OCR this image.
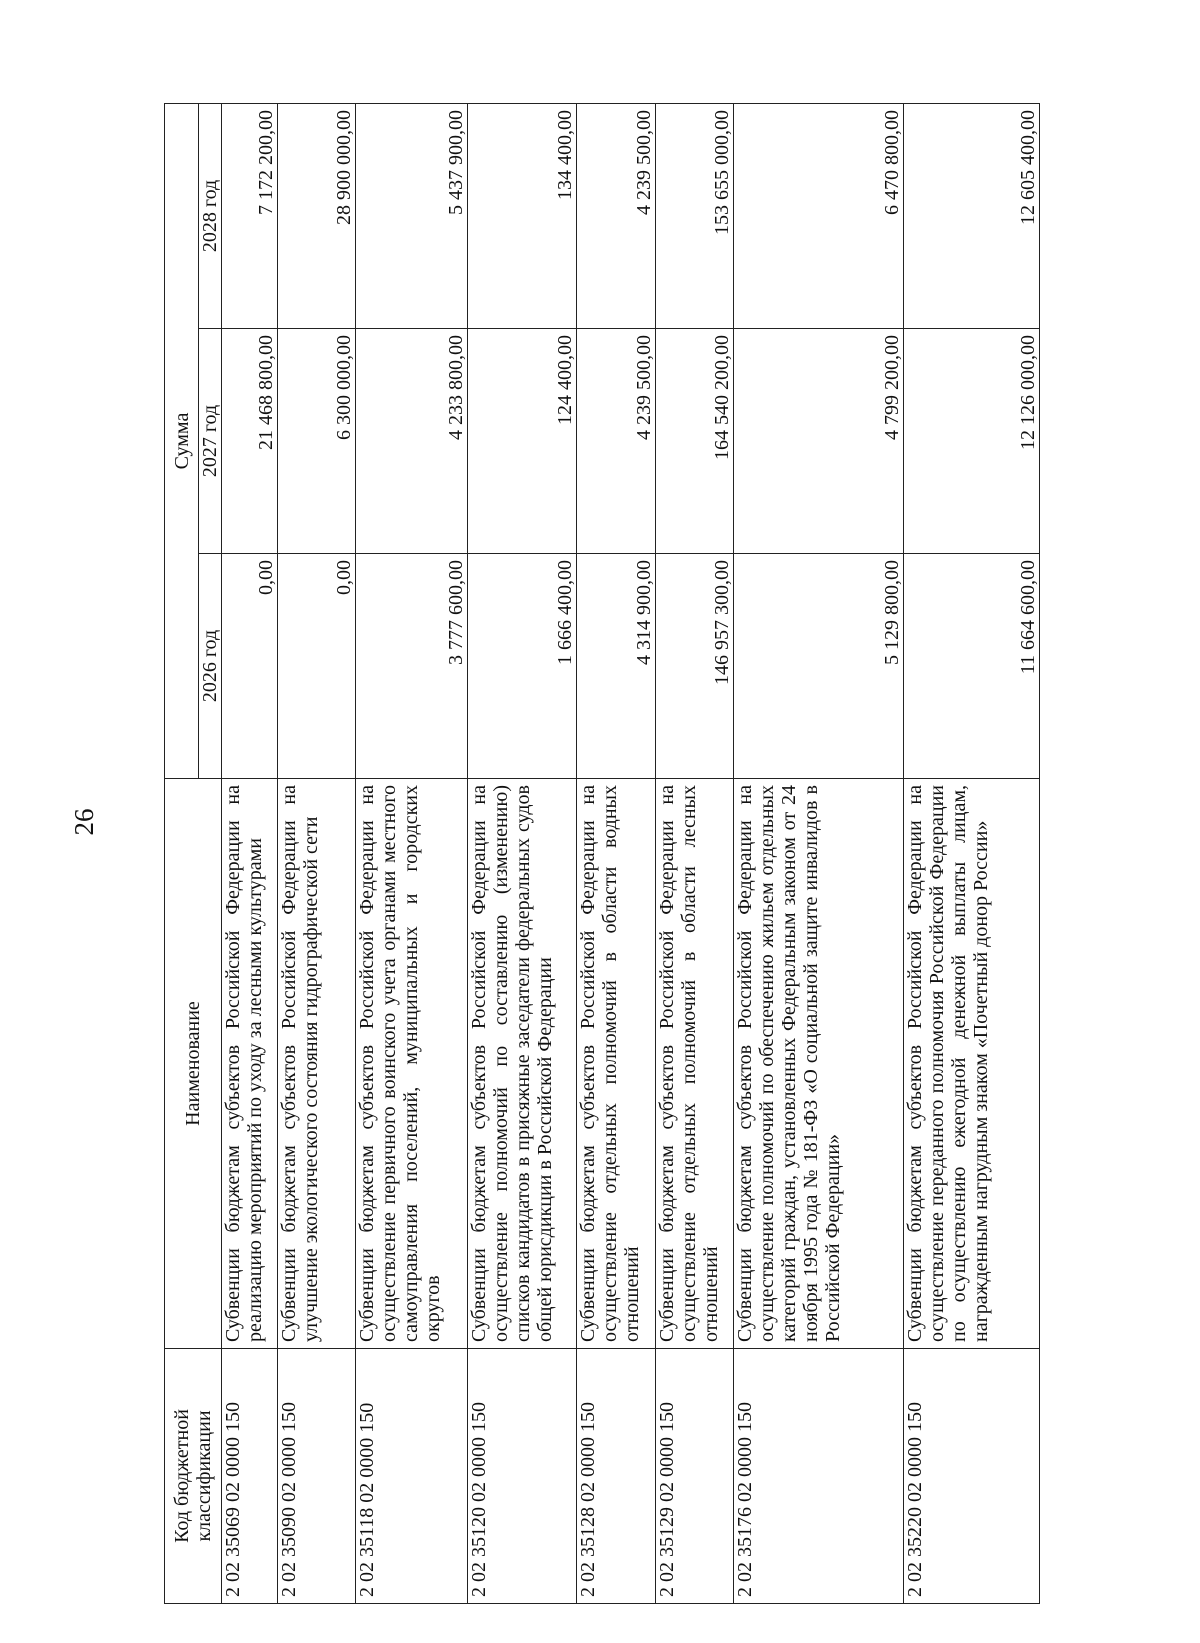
26
Код бюджетной классификации	Наименование	Сумма		
		2026 год	2027 год	2028 год
2 02 35069 02 0000 150	Субвенции бюджетам субъектов Российской Федерации на реализацию мероприятий по уходу за лесными культурами	0,00	21 468 800,00	7 172 200,00
2 02 35090 02 0000 150	Субвенции бюджетам субъектов Российской Федерации на улучшение экологического состояния гидрографической сети	0,00	6 300 000,00	28 900 000,00
2 02 35118 02 0000 150	Субвенции бюджетам субъектов Российской Федерации на осуществление первичного воинского учета органами местного самоуправления поселений, муниципальных и городских округов	3 777 600,00	4 233 800,00	5 437 900,00
2 02 35120 02 0000 150	Субвенции бюджетам субъектов Российской Федерации на осуществление полномочий по составлению (изменению) списков кандидатов в присяжные заседатели федеральных судов общей юрисдикции в Российской Федерации	1 666 400,00	124 400,00	134 400,00
2 02 35128 02 0000 150	Субвенции бюджетам субъектов Российской Федерации на осуществление отдельных полномочий в области водных отношений	4 314 900,00	4 239 500,00	4 239 500,00
2 02 35129 02 0000 150	Субвенции бюджетам субъектов Российской Федерации на осуществление отдельных полномочий в области лесных отношений	146 957 300,00	164 540 200,00	153 655 000,00
2 02 35176 02 0000 150	Субвенции бюджетам субъектов Российской Федерации на осуществление полномочий по обеспечению жильем отдельных категорий граждан, установленных Федеральным законом от 24 ноября 1995 года № 181-ФЗ «О социальной защите инвалидов в Российской Федерации»	5 129 800,00	4 799 200,00	6 470 800,00
2 02 35220 02 0000 150	Субвенции бюджетам субъектов Российской Федерации на осуществление переданного полномочия Российской Федерации по осуществлению ежегодной денежной выплаты лицам, награжденным нагрудным знаком «Почетный донор России»	11 664 600,00	12 126 000,00	12 605 400,00
